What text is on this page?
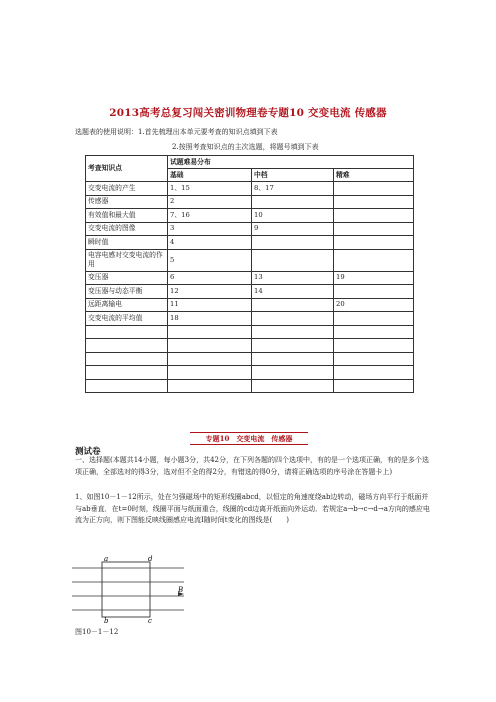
2013高考总复习闯关密训物理卷专题10 交变电流 传感器
选题表的使用说明：1.首先梳理出本单元要考查的知识点填到下表
2.按照考查知识点的主次选题，将题号填到下表
考查知识点	试题难易分布		
	基础	中档	精难
交变电流的产生	1、15	8、17	
传感器	2		
有效值和最大值	7、16	10	
交变电流的图像	3	9	
瞬时值	4		
电容电感对交变电流的作用	5		
变压器	6	13	19
变压器与动态平衡	12	14	
远距离输电	11		20
交变电流的平均值	18		

专题10　交变电流　传感器
测试卷
一、选择题(本题共14小题，每小题3分，共42分，在下列各题的四个选项中，有的是一个选项正确，有的是多个选项正确，全部选对的得3分，选对但不全的得2分，有错选的得0分，请将正确选项的序号涂在答题卡上)
1、如图10－1－12所示，处在匀强磁场中的矩形线圈abcd，以恒定的角速度绕ab边转动，磁场方向平行于纸面并与ab垂直．在t=0时刻，线圈平面与纸面重合，线圈的cd边离开纸面向外运动．若规定a→b→c→d→a方向的感应电流为正方向，则下图能反映线圈感应电流I随时间t变化的图线是(　　)
a	d
b	c
B
图10－1－12
